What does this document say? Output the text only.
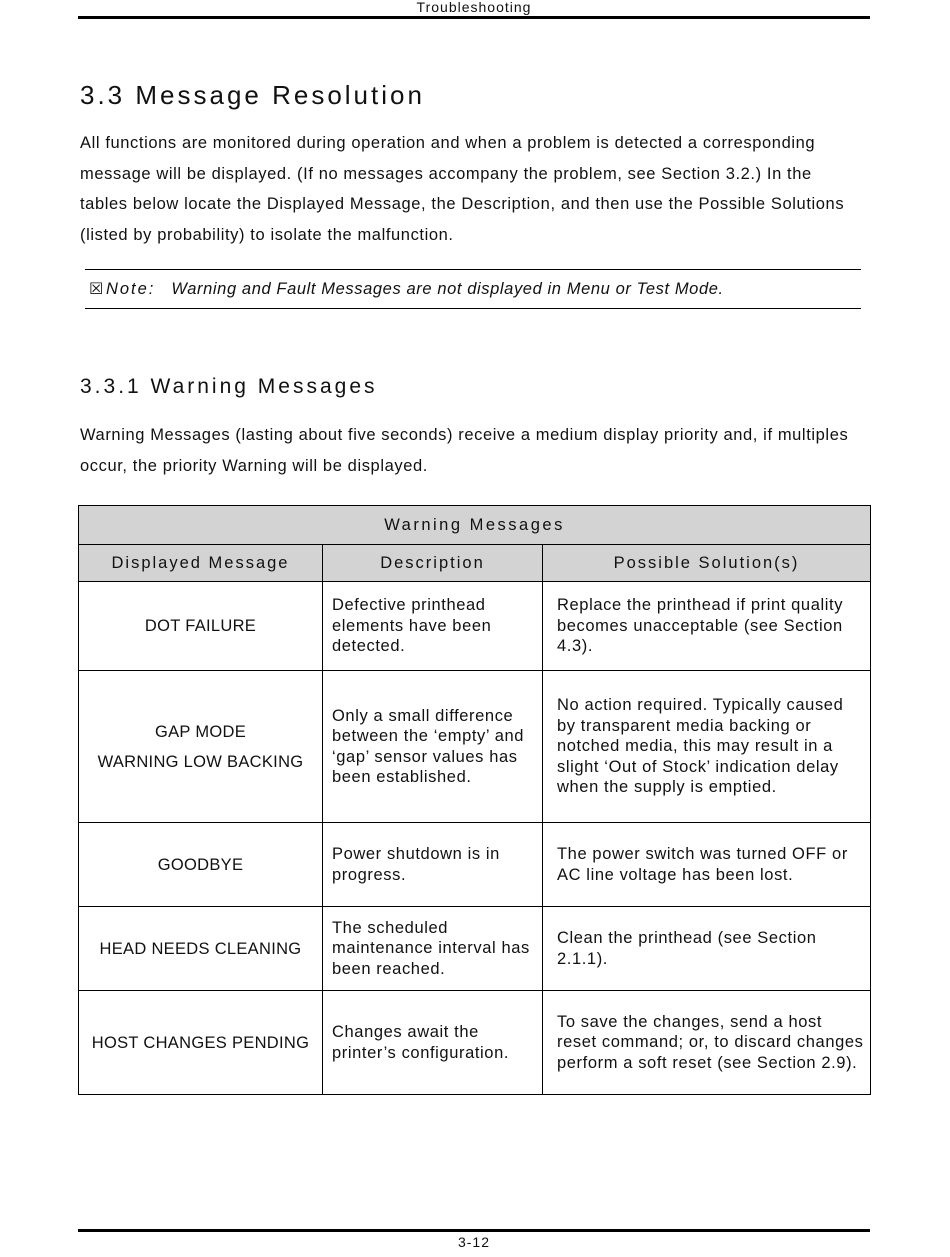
Troubleshooting
3.3 Message Resolution

All functions are monitored during operation and when a problem is detected a corresponding message will be displayed. (If no messages accompany the problem, see Section 3.2.) In the tables below locate the Displayed Message, the Description, and then use the Possible Solutions (listed by probability) to isolate the malfunction.

☒ Note: Warning and Fault Messages are not displayed in Menu or Test Mode.
3.3.1 Warning Messages

Warning Messages (lasting about five seconds) receive a medium display priority and, if multiples occur, the priority Warning will be displayed.

Warning Messages		
Displayed Message	Description	Possible Solution(s)

DOT FAILURE	Defective printhead elements have been detected.	Replace the printhead if print quality becomes unacceptable (see Section 4.3).

GAP MODE
WARNING LOW BACKING	Only a small difference between the ‘empty’ and ‘gap’ sensor values has been established.	No action required. Typically caused by transparent media backing or notched media, this may result in a slight ‘Out of Stock’ indication delay when the supply is emptied.

GOODBYE	Power shutdown is in progress.	The power switch was turned OFF or AC line voltage has been lost.

HEAD NEEDS CLEANING	The scheduled maintenance interval has been reached.	Clean the printhead (see Section 2.1.1).

HOST CHANGES PENDING	Changes await the printer’s configuration.	To save the changes, send a host reset command; or, to discard changes perform a soft reset (see Section 2.9).
3-12
